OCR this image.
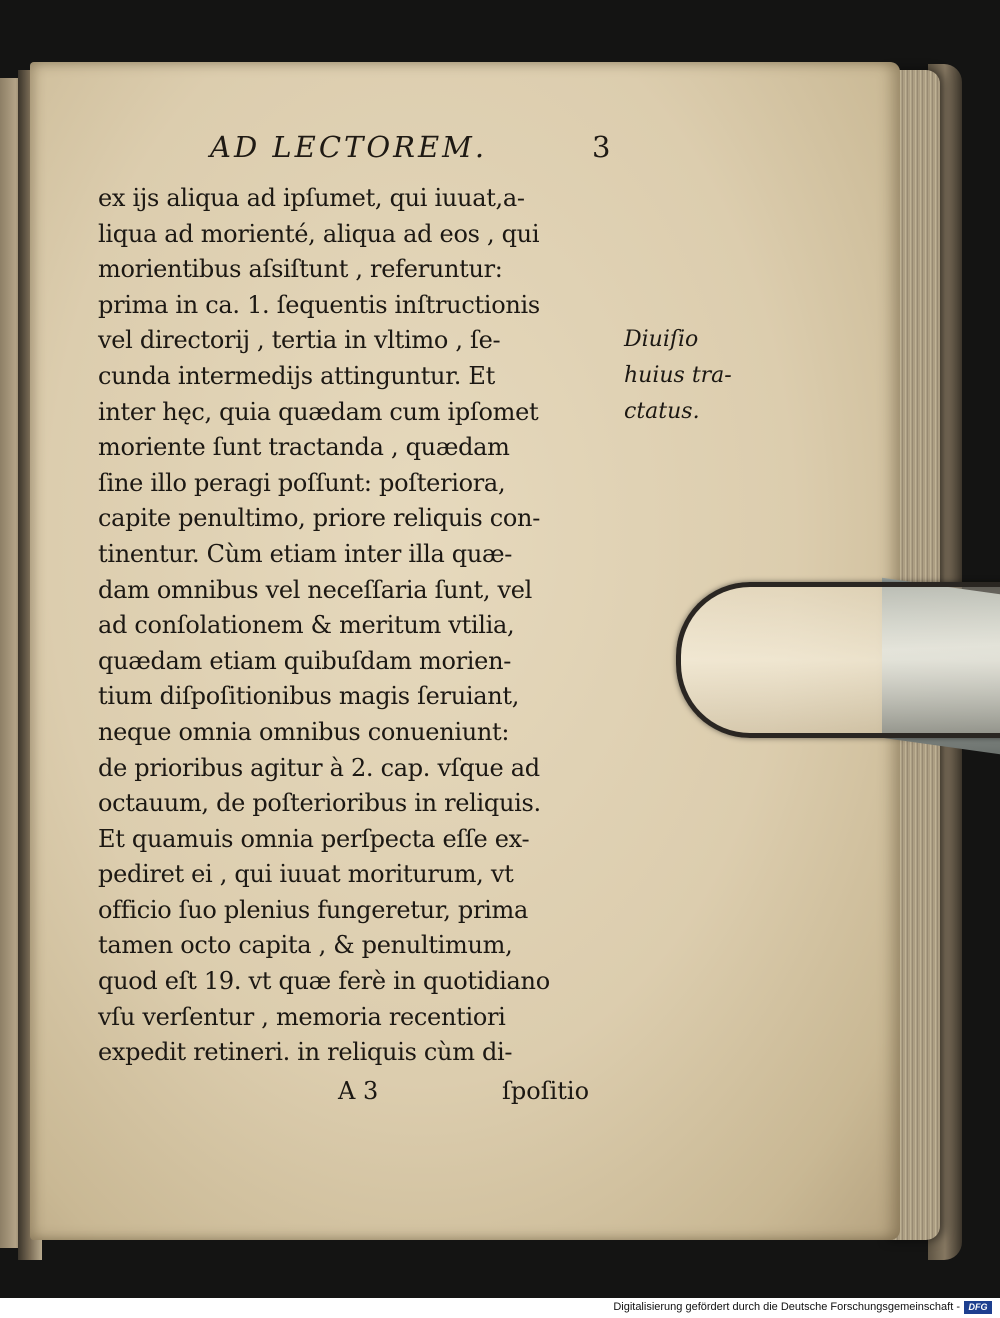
AD LECTOREM.	3
ex ijs aliqua ad ipſumet, qui iuuat,a-
liqua ad morienté, aliqua ad eos , qui
morientibus aſsiſtunt , referuntur:
prima in ca. 1. ſequentis inſtructionis
vel directorij , tertia in vltimo , ſe-
cunda intermedijs attinguntur. Et
inter hęc, quia quædam cum ipſomet
moriente ſunt tractanda , quædam
ſine illo peragi poſſunt: poſteriora,
capite penultimo, priore reliquis con-
tinentur. Cùm etiam inter illa quæ-
dam omnibus vel neceſſaria ſunt, vel
ad conſolationem & meritum vtilia,
quædam etiam quibuſdam morien-
tium diſpoſitionibus magis ſeruiant,
neque omnia omnibus conueniunt:
de prioribus agitur à 2. cap. vſque ad
octauum, de poſterioribus in reliquis.
Et quamuis omnia perſpecta eſſe ex-
pediret ei , qui iuuat moriturum, vt
officio ſuo plenius fungeretur, prima
tamen octo capita , & penultimum,
quod eſt 19. vt quæ ferè in quotidiano
vſu verſentur , memoria recentiori
expedit retineri. in reliquis cùm di-
A 3	ſpoſitio
Diuiſio
huius tra-
ctatus.
Digitalisierung gefördert durch die Deutsche Forschungsgemeinschaft - DFG
